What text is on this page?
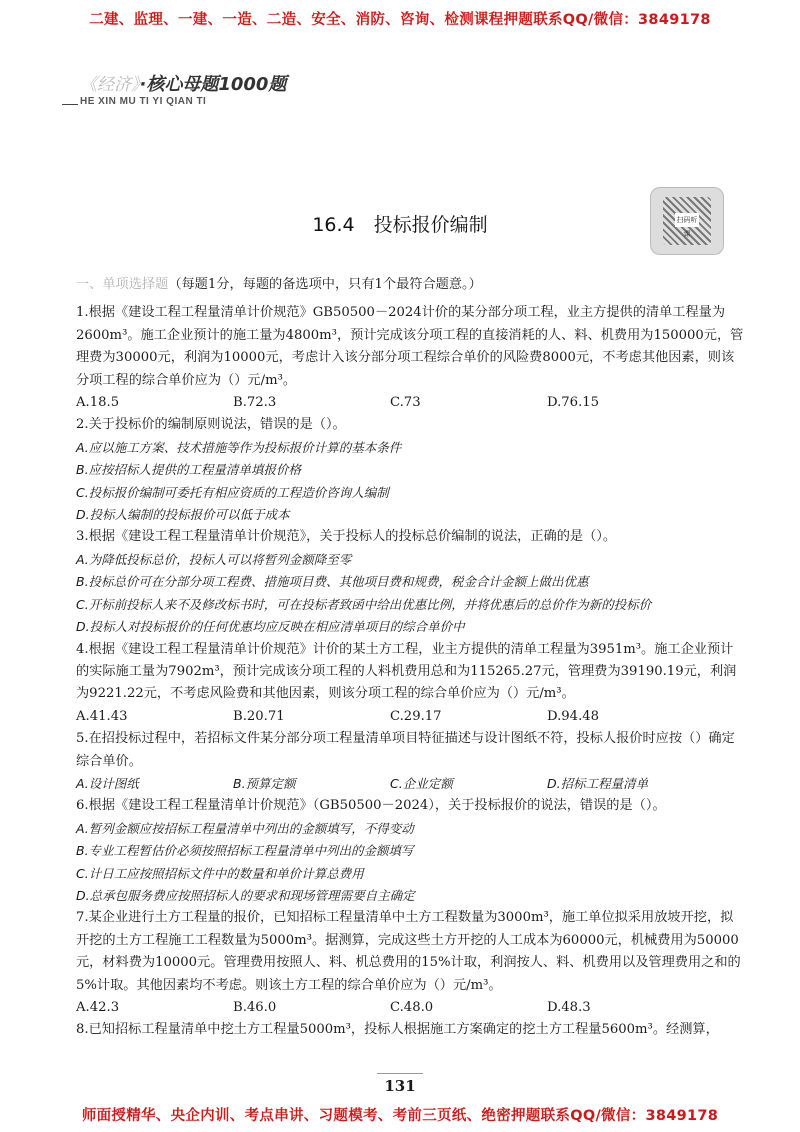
二建、监理、一建、一造、二造、安全、消防、咨询、检测课程押题联系QQ/微信：3849178
《经济》·核心母题1000题
HE XIN MU TI YI QIAN TI
16.4　投标报价编制	扫码听课

一、单项选择题（每题1分，每题的备选项中，只有1个最符合题意。）

1.根据《建设工程工程量清单计价规范》GB50500－2024计价的某分部分项工程，业主方提供的清单工程量为2600m³。施工企业预计的施工量为4800m³，预计完成该分项工程的直接消耗的人、料、机费用为150000元，管理费为30000元，利润为10000元，考虑计入该分部分项工程综合单价的风险费8000元，不考虑其他因素，则该分项工程的综合单价应为（）元/m³。

A.18.5	B.72.3	C.73	D.76.15

2.关于投标价的编制原则说法，错误的是（）。

A.应以施工方案、技术措施等作为投标报价计算的基本条件

B.应按招标人提供的工程量清单填报价格

C.投标报价编制可委托有相应资质的工程造价咨询人编制

D.投标人编制的投标报价可以低于成本

3.根据《建设工程工程量清单计价规范》，关于投标人的投标总价编制的说法，正确的是（）。

A.为降低投标总价，投标人可以将暂列金额降至零

B.投标总价可在分部分项工程费、措施项目费、其他项目费和规费，税金合计金额上做出优惠

C.开标前投标人来不及修改标书时，可在投标者致函中给出优惠比例，并将优惠后的总价作为新的投标价

D.投标人对投标报价的任何优惠均应反映在相应清单项目的综合单价中

4.根据《建设工程工程量清单计价规范》计价的某土方工程，业主方提供的清单工程量为3951m³。施工企业预计的实际施工量为7902m³，预计完成该分项工程的人料机费用总和为115265.27元，管理费为39190.19元，利润为9221.22元，不考虑风险费和其他因素，则该分项工程的综合单价应为（）元/m³。

A.41.43	B.20.71	C.29.17	D.94.48

5.在招投标过程中，若招标文件某分部分项工程量清单项目特征描述与设计图纸不符，投标人报价时应按（）确定综合单价。

A.设计图纸	B.预算定额	C.企业定额	D.招标工程量清单

6.根据《建设工程工程量清单计价规范》（GB50500－2024），关于投标报价的说法，错误的是（）。

A.暂列金额应按招标工程量清单中列出的金额填写，不得变动

B.专业工程暂估价必须按照招标工程量清单中列出的金额填写

C.计日工应按照招标文件中的数量和单价计算总费用

D.总承包服务费应按照招标人的要求和现场管理需要自主确定

7.某企业进行土方工程量的报价，已知招标工程量清单中土方工程数量为3000m³，施工单位拟采用放坡开挖，拟开挖的土方工程施工工程数量为5000m³。据测算，完成这些土方开挖的人工成本为60000元，机械费用为50000元，材料费为10000元。管理费用按照人、料、机总费用的15%计取，利润按人、料、机费用以及管理费用之和的5%计取。其他因素均不考虑。则该土方工程的综合单价应为（）元/m³。

A.42.3	B.46.0	C.48.0	D.48.3

8.已知招标工程量清单中挖土方工程量5000m³，投标人根据施工方案确定的挖土方工程量5600m³。经测算，

131
师面授精华、央企内训、考点串讲、习题模考、考前三页纸、绝密押题联系QQ/微信：3849178
